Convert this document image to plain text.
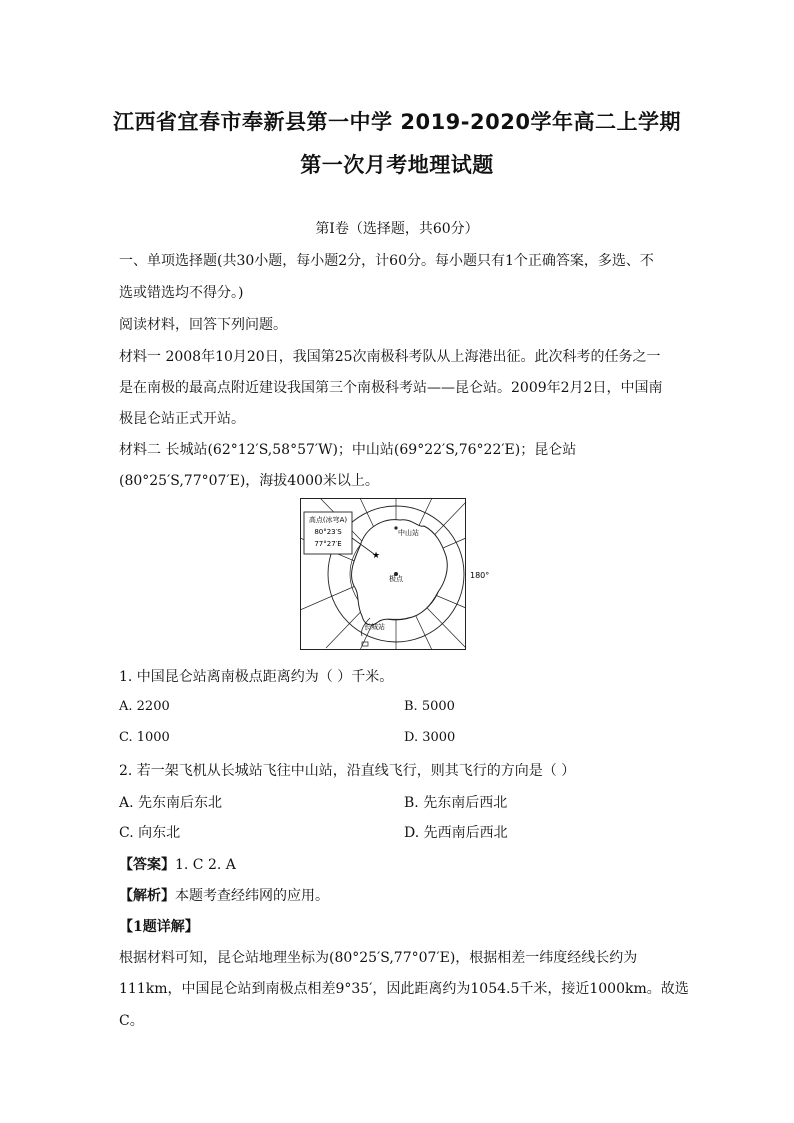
江西省宜春市奉新县第一中学 2019-2020学年高二上学期
第一次月考地理试题
第Ⅰ卷（选择题，共60分）
一、单项选择题(共30小题，每小题2分，计60分。每小题只有1个正确答案，多选、不
选或错选均不得分。)
阅读材料，回答下列问题。
材料一 2008年10月20日，我国第25次南极科考队从上海港出征。此次科考的任务之一
是在南极的最高点附近建设我国第三个南极科考站——昆仑站。2009年2月2日，中国南
极昆仑站正式开站。
材料二 长城站(62°12′S,58°57′W)；中山站(69°22′S,76°22′E)；昆仑站
(80°25′S,77°07′E)，海拔4000米以上。
高点(冰穹A)
80°23′S
77°27′E
★
中山站
极点
长城站
180°
1. 中国昆仑站离南极点距离约为（ ）千米。
A. 2200	B. 5000
C. 1000	D. 3000
2. 若一架飞机从长城站飞往中山站，沿直线飞行，则其飞行的方向是（ ）
A. 先东南后东北	B. 先东南后西北
C. 向东北	D. 先西南后西北
【答案】1. C 2. A
【解析】本题考查经纬网的应用。
【1题详解】
根据材料可知，昆仑站地理坐标为(80°25′S,77°07′E)，根据相差一纬度经线长约为
111km，中国昆仑站到南极点相差9°35′，因此距离约为1054.5千米，接近1000km。故选
C。
